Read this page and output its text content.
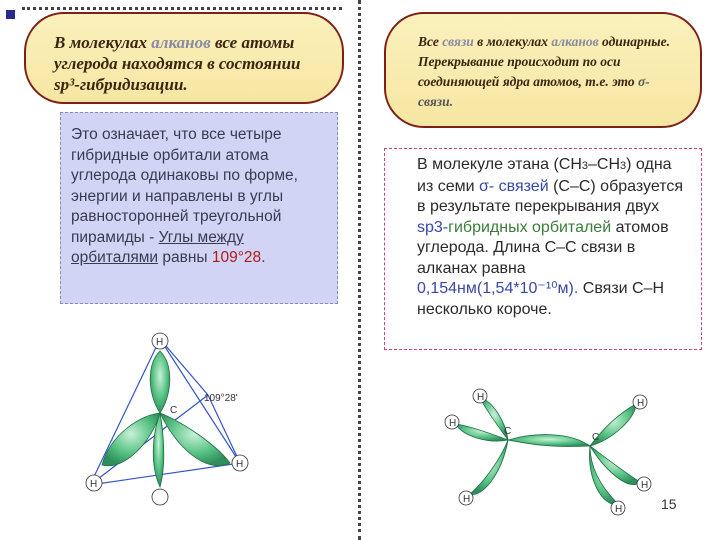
В молекулах алканов все атомы углерода находятся в состоянии sp³-гибридизации.
Все связи в молекулах алканов одинарные. Перекрывание происходит по оси соединяющей ядра атомов, т.е. это σ-связи.
Это означает, что все четыре гибридные орбитали атома углерода одинаковы по форме, энергии и направлены в углы равносторонней треугольной пирамиды - Углы между орбиталями равны 109°28.
В молекуле этана (СН3–СН3) одна из семи σ- связей (С–С) образуется в результате перекрывания двух sp3-гибридных орбиталей атомов углерода. Длина С–С связи в алканах равна 0,154нм(1,54*10⁻¹⁰м). Связи С–Н несколько короче.
H
H
H
C
109°28'	H
H
H
H
H
H
C
C
15
